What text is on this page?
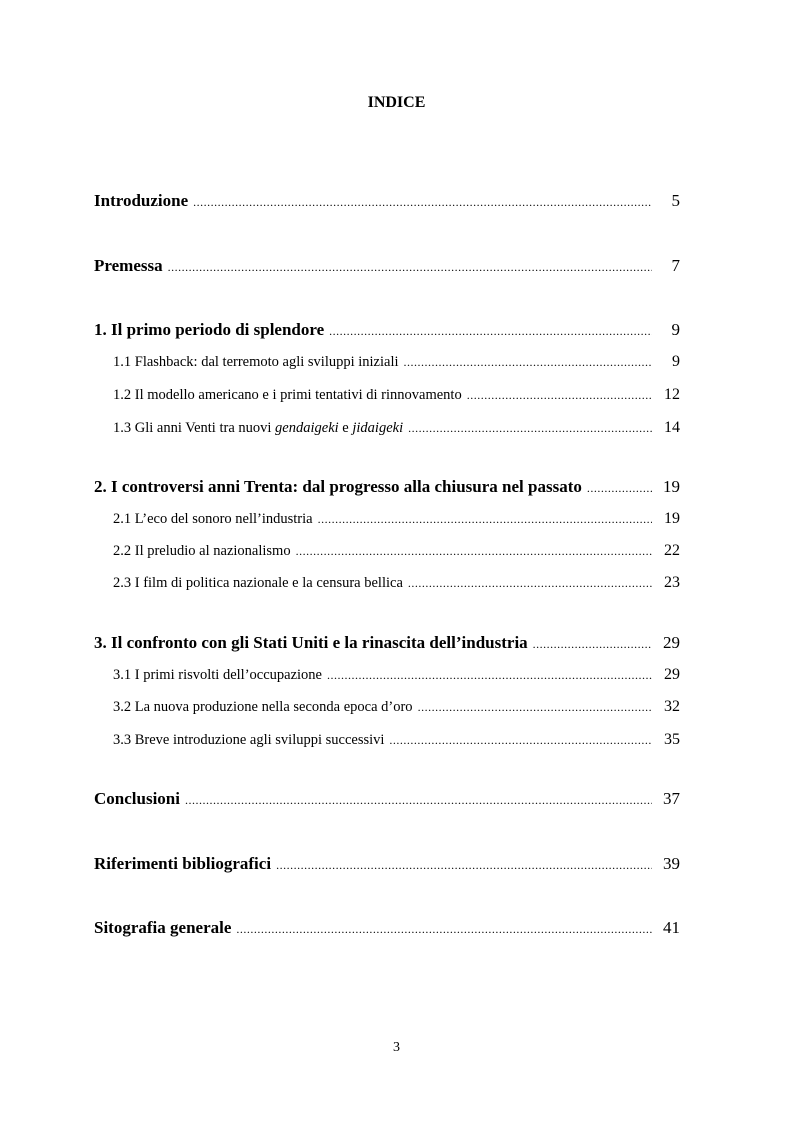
INDICE
Introduzione .....	5
Premessa .....	7
1. Il primo periodo di splendore .....	9
1.1 Flashback: dal terremoto agli sviluppi iniziali .....	9
1.2 Il modello americano e i primi tentativi di rinnovamento .....	12
1.3 Gli anni Venti tra nuovi gendaigeki e jidaigeki .....	14
2. I controversi anni Trenta: dal progresso alla chiusura nel passato .....	19
2.1 L’eco del sonoro nell’industria .....	19
2.2 Il preludio al nazionalismo .....	22
2.3 I film di politica nazionale e la censura bellica .....	23
3. Il confronto con gli Stati Uniti e la rinascita dell’industria .....	29
3.1 I primi risvolti dell’occupazione .....	29
3.2 La nuova produzione nella seconda epoca d’oro .....	32
3.3 Breve introduzione agli sviluppi successivi .....	35
Conclusioni .....	37
Riferimenti bibliografici .....	39
Sitografia generale .....	41
3
